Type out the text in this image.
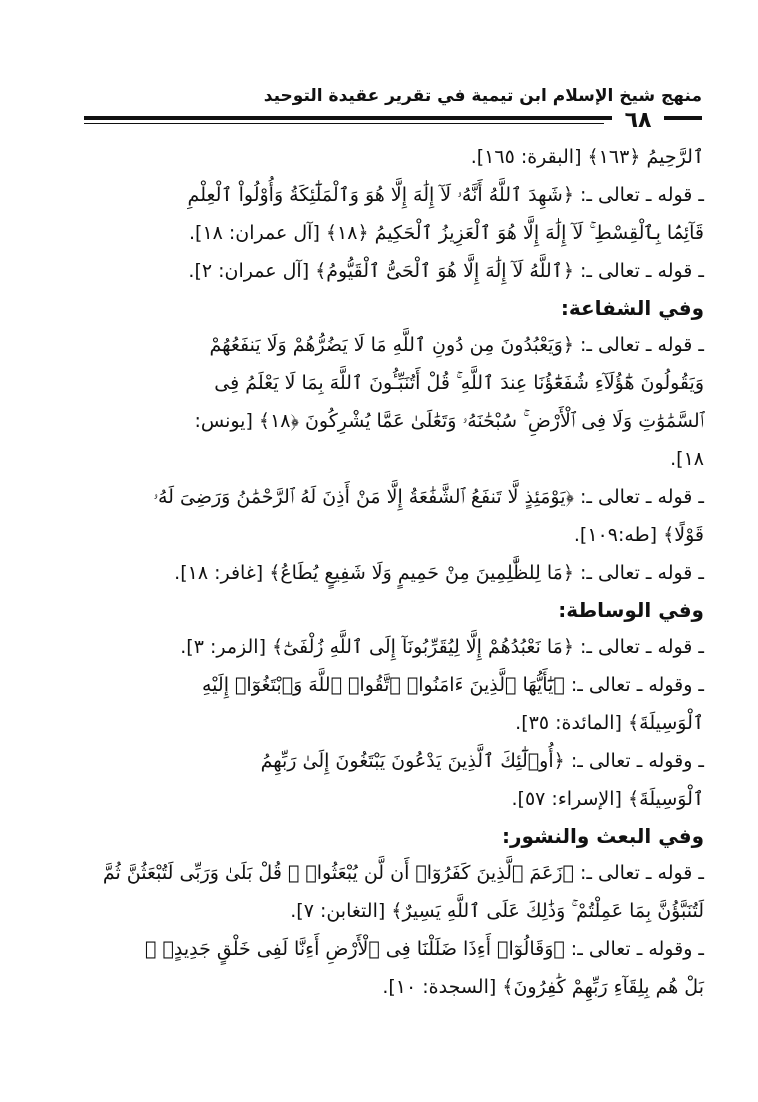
منهج شيخ الإسلام ابن تيمية في تقرير عقيدة التوحيد
٦٨
ٱلرَّحِيمُ ﴿١٦٣﴾ [البقرة: ١٦٥].
ـ قوله ـ تعالى ـ: ﴿شَهِدَ ٱللَّهُ أَنَّهُۥ لَآ إِلَٰهَ إِلَّا هُوَ وَٱلْمَلَٰٓئِكَةُ وَأُوْلُواْ ٱلْعِلْمِ
قَآئِمَۢا بِٱلْقِسْطِ ۚ لَآ إِلَٰهَ إِلَّا هُوَ ٱلْعَزِيزُ ٱلْحَكِيمُ ﴿١٨﴾ [آل عمران: ١٨].
ـ قوله ـ تعالى ـ: ﴿ٱللَّهُ لَآ إِلَٰهَ إِلَّا هُوَ ٱلْحَىُّ ٱلْقَيُّومُ﴾ [آل عمران: ٢].
وفي الشفاعة:
ـ قوله ـ تعالى ـ: ﴿وَيَعْبُدُونَ مِن دُونِ ٱللَّهِ مَا لَا يَضُرُّهُمْ وَلَا يَنفَعُهُمْ
وَيَقُولُونَ هَٰٓؤُلَآءِ شُفَعَٰٓؤُنَا عِندَ ٱللَّهِ ۚ قُلْ أَتُنَبِّـُٔونَ ٱللَّهَ بِمَا لَا يَعْلَمُ فِى
ٱلسَّمَٰوَٰتِ وَلَا فِى ٱلْأَرْضِ ۚ سُبْحَٰنَهُۥ وَتَعَٰلَىٰ عَمَّا يُشْرِكُونَ ﴿١٨﴾ [يونس:
١٨].
ـ قوله ـ تعالى ـ: ﴿يَوْمَئِذٍ لَّا تَنفَعُ ٱلشَّفَٰعَةُ إِلَّا مَنْ أَذِنَ لَهُ ٱلرَّحْمَٰنُ وَرَضِىَ لَهُۥ
قَوْلًا﴾ [طه:١٠٩].
ـ قوله ـ تعالى ـ: ﴿مَا لِلظَّٰلِمِينَ مِنْ حَمِيمٍ وَلَا شَفِيعٍ يُطَاعُ﴾ [غافر: ١٨].
وفي الوساطة:
ـ قوله ـ تعالى ـ: ﴿مَا نَعْبُدُهُمْ إِلَّا لِيُقَرِّبُونَآ إِلَى ٱللَّهِ زُلْفَىٰٓ﴾ [الزمر: ٣].
ـ وقوله ـ تعالى ـ: ﴿يَٰٓأَيُّهَا ٱلَّذِينَ ءَامَنُوا۟ ٱتَّقُوا۟ ٱللَّهَ وَٱبْتَغُوٓا۟ إِلَيْهِ
ٱلْوَسِيلَةَ﴾ [المائدة: ٣٥].
ـ وقوله ـ تعالى ـ: ﴿أُو۟لَٰٓئِكَ ٱلَّذِينَ يَدْعُونَ يَبْتَغُونَ إِلَىٰ رَبِّهِمُ
ٱلْوَسِيلَةَ﴾ [الإسراء: ٥٧].
وفي البعث والنشور:
ـ قوله ـ تعالى ـ: ﴿زَعَمَ ٱلَّذِينَ كَفَرُوٓا۟ أَن لَّن يُبْعَثُوا۟ ۚ قُلْ بَلَىٰ وَرَبِّى لَتُبْعَثُنَّ ثُمَّ
لَتُنَبَّؤُنَّ بِمَا عَمِلْتُمْ ۚ وَذَٰلِكَ عَلَى ٱللَّهِ يَسِيرٌ﴾ [التغابن: ٧].
ـ وقوله ـ تعالى ـ: ﴿وَقَالُوٓا۟ أَءِذَا ضَلَلْنَا فِى ٱلْأَرْضِ أَءِنَّا لَفِى خَلْقٍ جَدِيدٍۭ ۚ
بَلْ هُم بِلِقَآءِ رَبِّهِمْ كَٰفِرُونَ﴾ [السجدة: ١٠].
